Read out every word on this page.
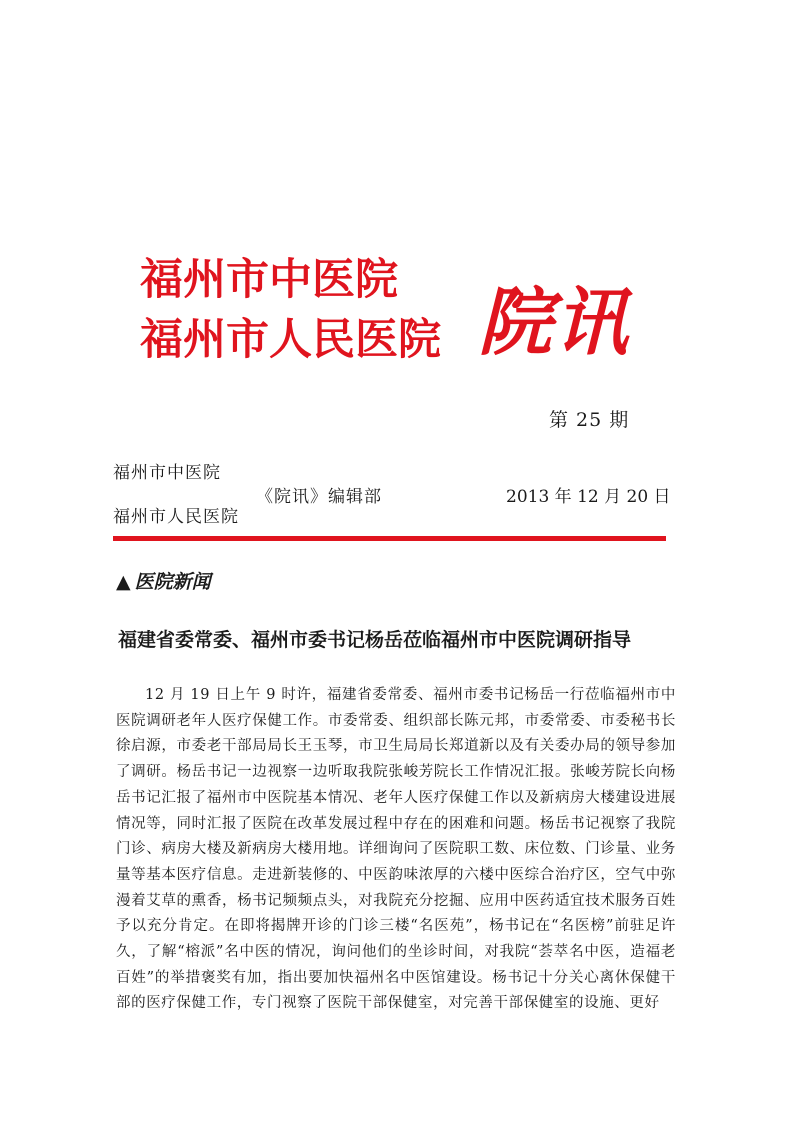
福州市中医院
福州市人民医院 院讯
第 25 期
福州市中医院
福州市人民医院
《院讯》编辑部	2013 年 12 月 20 日
▲ 医院新闻
福建省委常委、福州市委书记杨岳莅临福州市中医院调研指导

12 月 19 日上午 9 时许，福建省委常委、福州市委书记杨岳一行莅临福州市中医院调研老年人医疗保健工作。市委常委、组织部长陈元邦，市委常委、市委秘书长徐启源，市委老干部局局长王玉琴，市卫生局局长郑道新以及有关委办局的领导参加了调研。杨岳书记一边视察一边听取我院张峻芳院长工作情况汇报。张峻芳院长向杨岳书记汇报了福州市中医院基本情况、老年人医疗保健工作以及新病房大楼建设进展情况等，同时汇报了医院在改革发展过程中存在的困难和问题。杨岳书记视察了我院门诊、病房大楼及新病房大楼用地。详细询问了医院职工数、床位数、门诊量、业务量等基本医疗信息。走进新装修的、中医韵味浓厚的六楼中医综合治疗区，空气中弥漫着艾草的熏香，杨书记频频点头，对我院充分挖掘、应用中医药适宜技术服务百姓予以充分肯定。在即将揭牌开诊的门诊三楼“名医苑”，杨书记在“名医榜”前驻足许久，了解“榕派”名中医的情况，询问他们的坐诊时间，对我院“荟萃名中医，造福老百姓”的举措褒奖有加，指出要加快福州名中医馆建设。杨书记十分关心离休保健干部的医疗保健工作，专门视察了医院干部保健室，对完善干部保健室的设施、更好
